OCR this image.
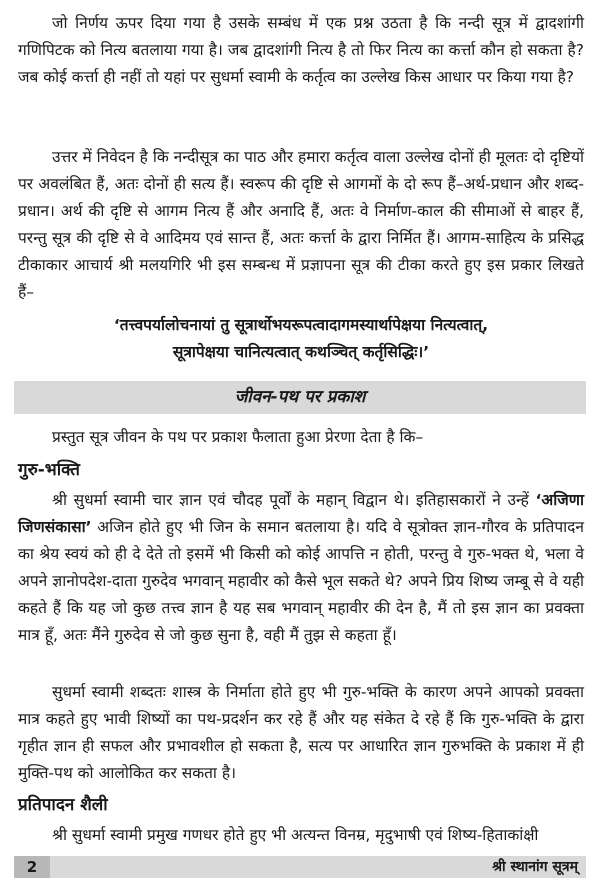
जो निर्णय ऊपर दिया गया है उसके सम्बंध में एक प्रश्न उठता है कि नन्दी सूत्र में द्वादशांगी गणिपिटक को नित्य बतलाया गया है। जब द्वादशांगी नित्य है तो फिर नित्य का कर्त्ता कौन हो सकता है? जब कोई कर्त्ता ही नहीं तो यहां पर सुधर्मा स्वामी के कर्तृत्व का उल्लेख किस आधार पर किया गया है?

उत्तर में निवेदन है कि नन्दीसूत्र का पाठ और हमारा कर्तृत्व वाला उल्लेख दोनों ही मूलतः दो दृष्टियों पर अवलंबित हैं, अतः दोनों ही सत्य हैं। स्वरूप की दृष्टि से आगमों के दो रूप हैं–अर्थ-प्रधान और शब्द-प्रधान। अर्थ की दृष्टि से आगम नित्य हैं और अनादि हैं, अतः वे निर्माण-काल की सीमाओं से बाहर हैं, परन्तु सूत्र की दृष्टि से वे आदिमय एवं सान्त हैं, अतः कर्त्ता के द्वारा निर्मित हैं। आगम-साहित्य के प्रसिद्ध टीकाकार आचार्य श्री मलयगिरि भी इस सम्बन्ध में प्रज्ञापना सूत्र की टीका करते हुए इस प्रकार लिखते हैं–

‘तत्त्वपर्यालोचनायां तु सूत्रार्थोभयरूपत्वादागमस्यार्थापेक्षया नित्यत्वात्,
सूत्रापेक्षया चानित्यत्वात् कथञ्चित् कर्तृसिद्धिः।’
जीवन-पथ पर प्रकाश

प्रस्तुत सूत्र जीवन के पथ पर प्रकाश फैलाता हुआ प्रेरणा देता है कि–

गुरु-भक्ति

श्री सुधर्मा स्वामी चार ज्ञान एवं चौदह पूर्वों के महान् विद्वान थे। इतिहासकारों ने उन्हें ‘अजिणा जिणसंकासा’ अजिन होते हुए भी जिन के समान बतलाया है। यदि वे सूत्रोक्त ज्ञान-गौरव के प्रतिपादन का श्रेय स्वयं को ही दे देते तो इसमें भी किसी को कोई आपत्ति न होती, परन्तु वे गुरु-भक्त थे, भला वे अपने ज्ञानोपदेश-दाता गुरुदेव भगवान् महावीर को कैसे भूल सकते थे? अपने प्रिय शिष्य जम्बू से वे यही कहते हैं कि यह जो कुछ तत्त्व ज्ञान है यह सब भगवान् महावीर की देन है, मैं तो इस ज्ञान का प्रवक्ता मात्र हूँ, अतः मैंने गुरुदेव से जो कुछ सुना है, वही मैं तुझ से कहता हूँ।

सुधर्मा स्वामी शब्दतः शास्त्र के निर्माता होते हुए भी गुरु-भक्ति के कारण अपने आपको प्रवक्ता मात्र कहते हुए भावी शिष्यों का पथ-प्रदर्शन कर रहे हैं और यह संकेत दे रहे हैं कि गुरु-भक्ति के द्वारा गृहीत ज्ञान ही सफल और प्रभावशील हो सकता है, सत्य पर आधारित ज्ञान गुरुभक्ति के प्रकाश में ही मुक्ति-पथ को आलोकित कर सकता है।

प्रतिपादन शैली

श्री सुधर्मा स्वामी प्रमुख गणधर होते हुए भी अत्यन्त विनम्र, मृदुभाषी एवं शिष्य-हिताकांक्षी

2	श्री स्थानांग सूत्रम्
